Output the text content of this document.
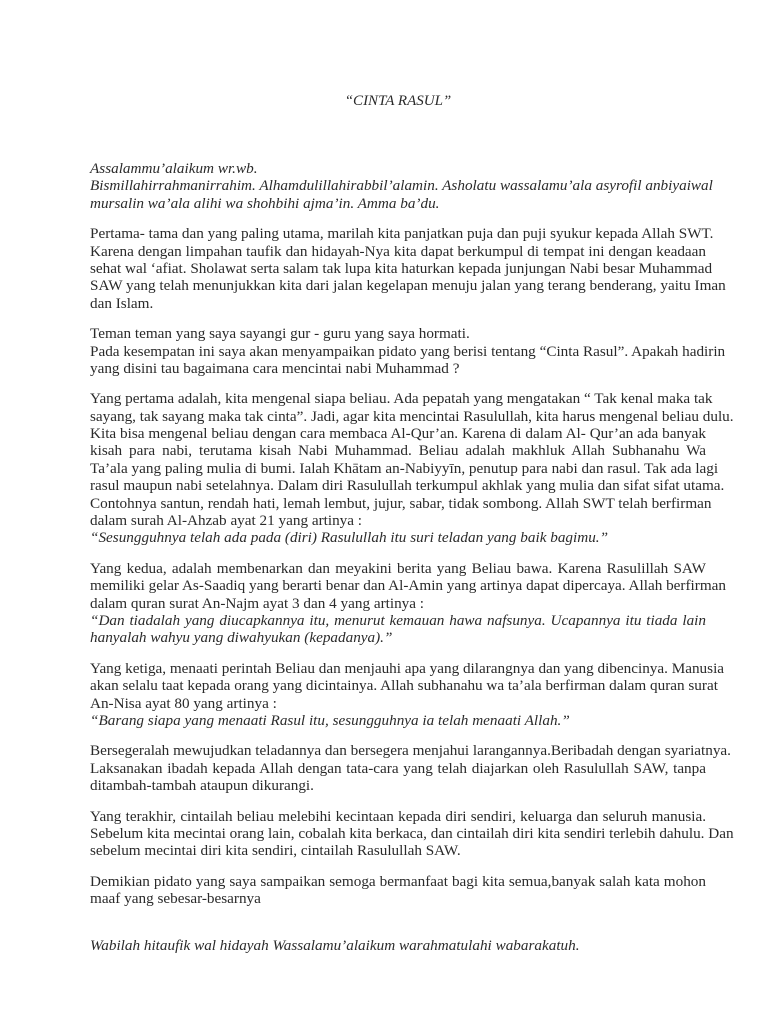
“CINTA RASUL”
Assalammu’alaikum wr.wb.
Bismillahirrahmanirrahim. Alhamdulillahirabbil’alamin. Asholatu wassalamu’ala asyrofil anbiyaiwal
mursalin wa’ala alihi wa shohbihi ajma’in. Amma ba’du.
Pertama- tama dan yang paling utama, marilah kita panjatkan puja dan puji syukur kepada Allah SWT.
Karena dengan limpahan taufik dan hidayah-Nya kita dapat berkumpul di tempat ini dengan keadaan
sehat wal ‘afiat. Sholawat serta salam tak lupa kita haturkan kepada junjungan Nabi besar Muhammad
SAW yang telah menunjukkan kita dari jalan kegelapan menuju jalan yang terang benderang, yaitu Iman
dan Islam.
Teman teman yang saya sayangi gur - guru yang saya hormati.
Pada kesempatan ini saya akan menyampaikan pidato yang berisi tentang “Cinta Rasul”. Apakah hadirin
yang disini tau bagaimana cara mencintai nabi Muhammad ?
Yang pertama adalah, kita mengenal siapa beliau. Ada pepatah yang mengatakan “ Tak kenal maka tak
sayang, tak sayang maka tak cinta”. Jadi, agar kita mencintai Rasulullah, kita harus mengenal beliau dulu.
Kita bisa mengenal beliau dengan cara membaca Al-Qur’an. Karena di dalam Al- Qur’an ada banyak
kisah para nabi, terutama kisah Nabi Muhammad. Beliau adalah makhluk Allah Subhanahu Wa
Ta’ala yang paling mulia di bumi. Ialah Khātam an-Nabiyyīn, penutup para nabi dan rasul. Tak ada lagi
rasul maupun nabi setelahnya. Dalam diri Rasulullah terkumpul akhlak yang mulia dan sifat sifat utama.
Contohnya santun, rendah hati, lemah lembut, jujur, sabar, tidak sombong. Allah SWT telah berfirman
dalam surah Al-Ahzab ayat 21 yang artinya :
“Sesungguhnya telah ada pada (diri) Rasulullah itu suri teladan yang baik bagimu.”
Yang kedua, adalah membenarkan dan meyakini berita yang Beliau bawa. Karena Rasulillah SAW
memiliki gelar As-Saadiq yang berarti benar dan Al-Amin yang artinya dapat dipercaya. Allah berfirman
dalam quran surat An-Najm ayat 3 dan 4 yang artinya :
“Dan tiadalah yang diucapkannya itu, menurut kemauan hawa nafsunya. Ucapannya itu tiada lain
hanyalah wahyu yang diwahyukan (kepadanya).”
Yang ketiga, menaati perintah Beliau dan menjauhi apa yang dilarangnya dan yang dibencinya. Manusia
akan selalu taat kepada orang yang dicintainya. Allah subhanahu wa ta’ala berfirman dalam quran surat
An-Nisa ayat 80 yang artinya :
“Barang siapa yang menaati Rasul itu, sesungguhnya ia telah menaati Allah.”
Bersegeralah mewujudkan teladannya dan bersegera menjahui larangannya.Beribadah dengan syariatnya.
Laksanakan ibadah kepada Allah dengan tata-cara yang telah diajarkan oleh Rasulullah SAW, tanpa
ditambah-tambah ataupun dikurangi.
Yang terakhir, cintailah beliau melebihi kecintaan kepada diri sendiri, keluarga dan seluruh manusia.
Sebelum kita mecintai orang lain, cobalah kita berkaca, dan cintailah diri kita sendiri terlebih dahulu. Dan
sebelum mecintai diri kita sendiri, cintailah Rasulullah SAW.
Demikian pidato yang saya sampaikan semoga bermanfaat bagi kita semua,banyak salah kata mohon
maaf yang sebesar-besarnya
Wabilah hitaufik wal hidayah Wassalamu’alaikum warahmatulahi wabarakatuh.
